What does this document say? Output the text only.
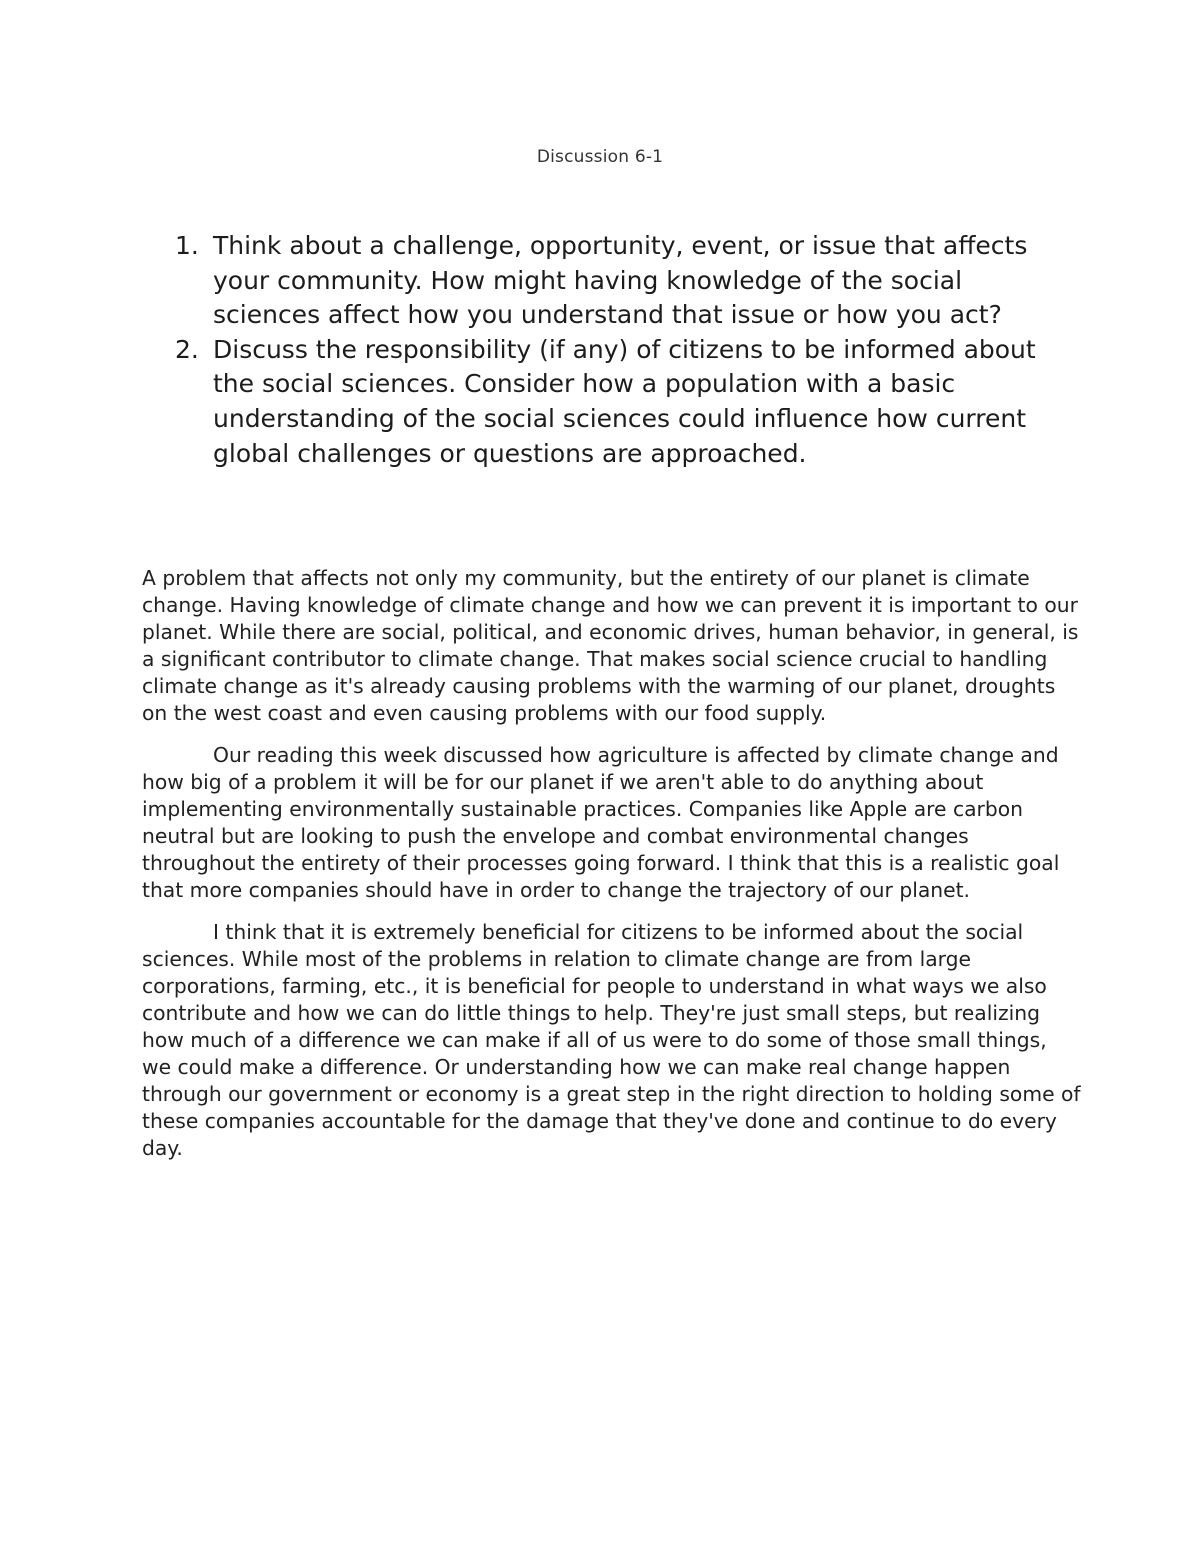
Discussion 6-1
1. Think about a challenge, opportunity, event, or issue that affects your community. How might having knowledge of the social sciences affect how you understand that issue or how you act?
2. Discuss the responsibility (if any) of citizens to be informed about the social sciences. Consider how a population with a basic understanding of the social sciences could influence how current global challenges or questions are approached.

A problem that affects not only my community, but the entirety of our planet is climate change. Having knowledge of climate change and how we can prevent it is important to our planet. While there are social, political, and economic drives, human behavior, in general, is a significant contributor to climate change. That makes social science crucial to handling climate change as it's already causing problems with the warming of our planet, droughts on the west coast and even causing problems with our food supply.

Our reading this week discussed how agriculture is affected by climate change and how big of a problem it will be for our planet if we aren't able to do anything about implementing environmentally sustainable practices. Companies like Apple are carbon neutral but are looking to push the envelope and combat environmental changes throughout the entirety of their processes going forward. I think that this is a realistic goal that more companies should have in order to change the trajectory of our planet.

I think that it is extremely beneficial for citizens to be informed about the social sciences. While most of the problems in relation to climate change are from large corporations, farming, etc., it is beneficial for people to understand in what ways we also contribute and how we can do little things to help. They're just small steps, but realizing how much of a difference we can make if all of us were to do some of those small things, we could make a difference. Or understanding how we can make real change happen through our government or economy is a great step in the right direction to holding some of these companies accountable for the damage that they've done and continue to do every day.
